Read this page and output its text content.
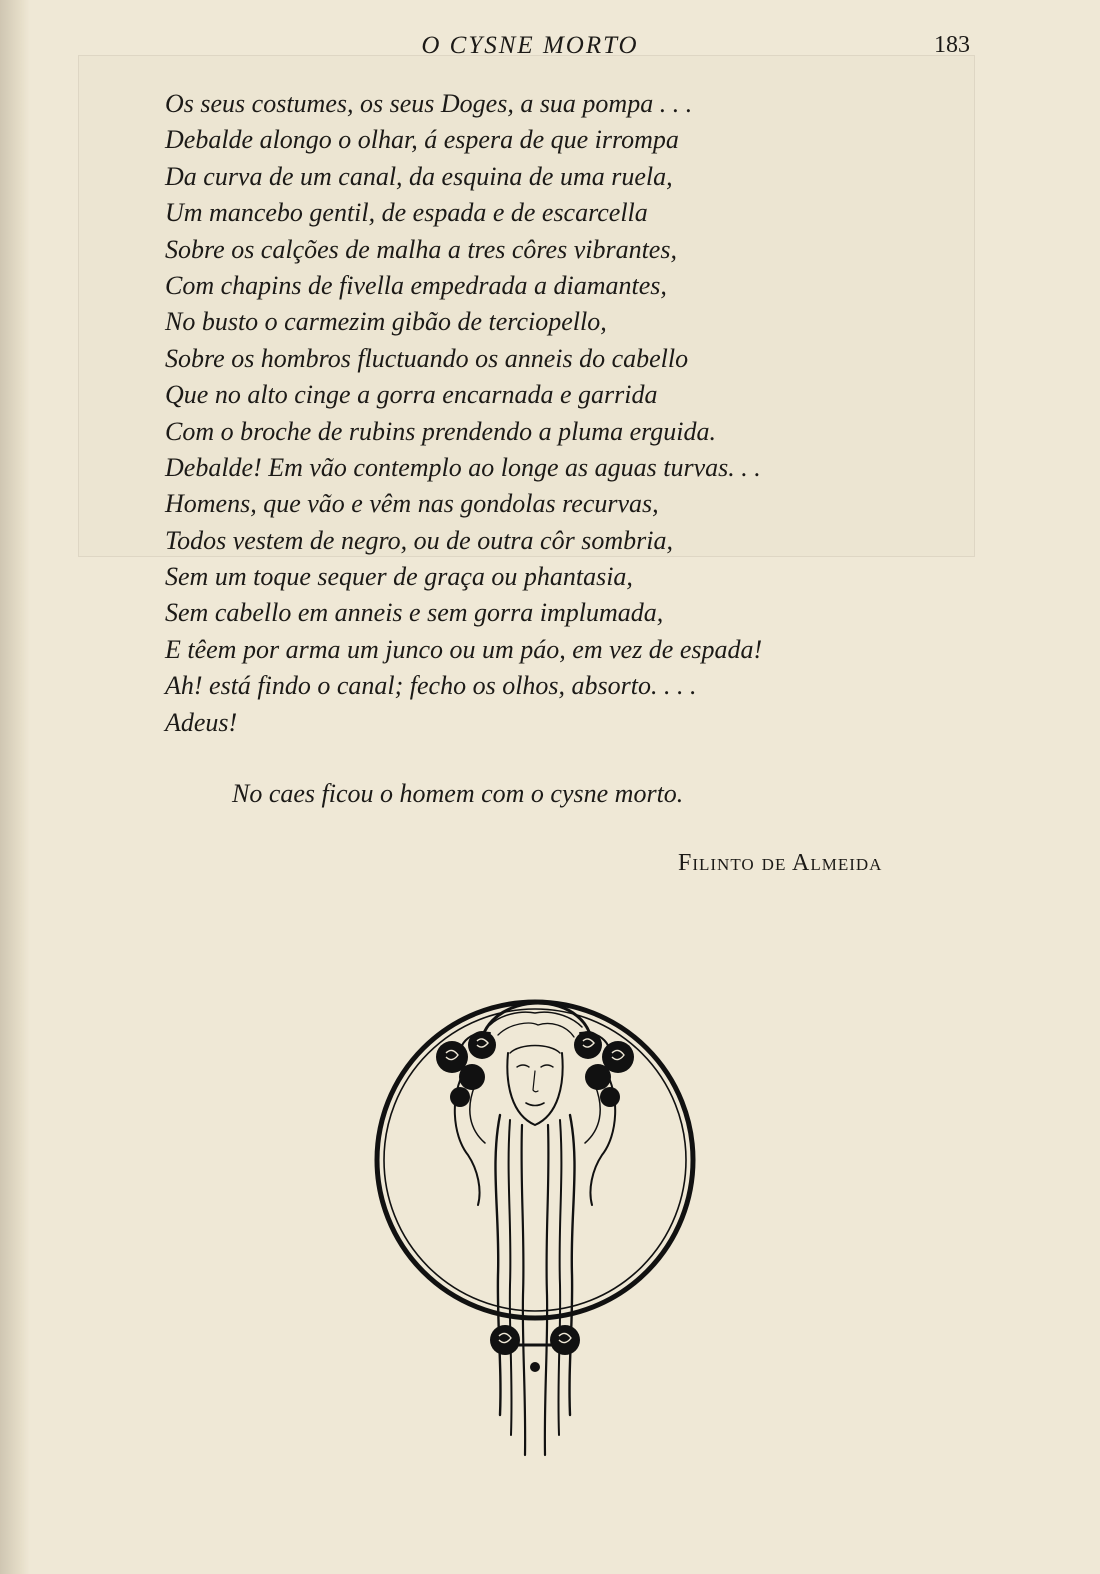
O CYSNE MORTO	183
Os seus costumes, os seus Doges, a sua pompa . . .
Debalde alongo o olhar, á espera de que irrompa
Da curva de um canal, da esquina de uma ruela,
Um mancebo gentil, de espada e de escarcella
Sobre os calções de malha a tres côres vibrantes,
Com chapins de fivella empedrada a diamantes,
No busto o carmezim gibão de terciopello,
Sobre os hombros fluctuando os anneis do cabello
Que no alto cinge a gorra encarnada e garrida
Com o broche de rubins prendendo a pluma erguida.
Debalde! Em vão contemplo ao longe as aguas turvas. . .
Homens, que vão e vêm nas gondolas recurvas,
Todos vestem de negro, ou de outra côr sombria,
Sem um toque sequer de graça ou phantasia,
Sem cabello em anneis e sem gorra implumada,
E têem por arma um junco ou um páo, em vez de espada!
Ah! está findo o canal; fecho os olhos, absorto. . . .
Adeus!
No caes ficou o homem com o cysne morto.
Filinto de Almeida
